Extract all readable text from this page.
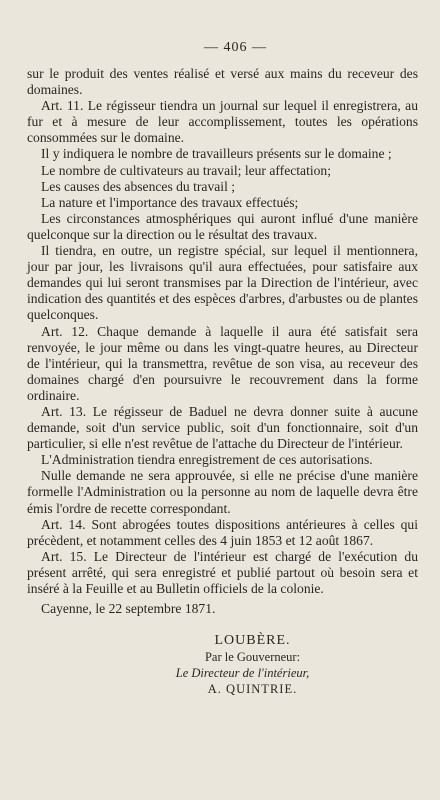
— 406 —

sur le produit des ventes réalisé et versé aux mains du receveur des domaines.

Art. 11. Le régisseur tiendra un journal sur lequel il enregistrera, au fur et à mesure de leur accomplissement, toutes les opérations consommées sur le domaine.

Il y indiquera le nombre de travailleurs présents sur le domaine ;

Le nombre de cultivateurs au travail; leur affectation;

Les causes des absences du travail ;

La nature et l'importance des travaux effectués;

Les circonstances atmosphériques qui auront influé d'une manière quelconque sur la direction ou le résultat des travaux.

Il tiendra, en outre, un registre spécial, sur lequel il mentionnera, jour par jour, les livraisons qu'il aura effectuées, pour satisfaire aux demandes qui lui seront transmises par la Direction de l'intérieur, avec indication des quantités et des espèces d'arbres, d'arbustes ou de plantes quelconques.

Art. 12. Chaque demande à laquelle il aura été satisfait sera renvoyée, le jour même ou dans les vingt-quatre heures, au Directeur de l'intérieur, qui la transmettra, revêtue de son visa, au receveur des domaines chargé d'en poursuivre le recouvrement dans la forme ordinaire.

Art. 13. Le régisseur de Baduel ne devra donner suite à aucune demande, soit d'un service public, soit d'un fonctionnaire, soit d'un particulier, si elle n'est revêtue de l'attache du Directeur de l'intérieur.

L'Administration tiendra enregistrement de ces autorisations.

Nulle demande ne sera approuvée, si elle ne précise d'une manière formelle l'Administration ou la personne au nom de laquelle devra être émis l'ordre de recette correspondant.

Art. 14. Sont abrogées toutes dispositions antérieures à celles qui précèdent, et notamment celles des 4 juin 1853 et 12 août 1867.

Art. 15. Le Directeur de l'intérieur est chargé de l'exécution du présent arrêté, qui sera enregistré et publié partout où besoin sera et inséré à la Feuille et au Bulletin officiels de la colonie.

Cayenne, le 22 septembre 1871.

LOUBÈRE.
Par le Gouverneur:
Le Directeur de l'intérieur,
A. QUINTRIE.
